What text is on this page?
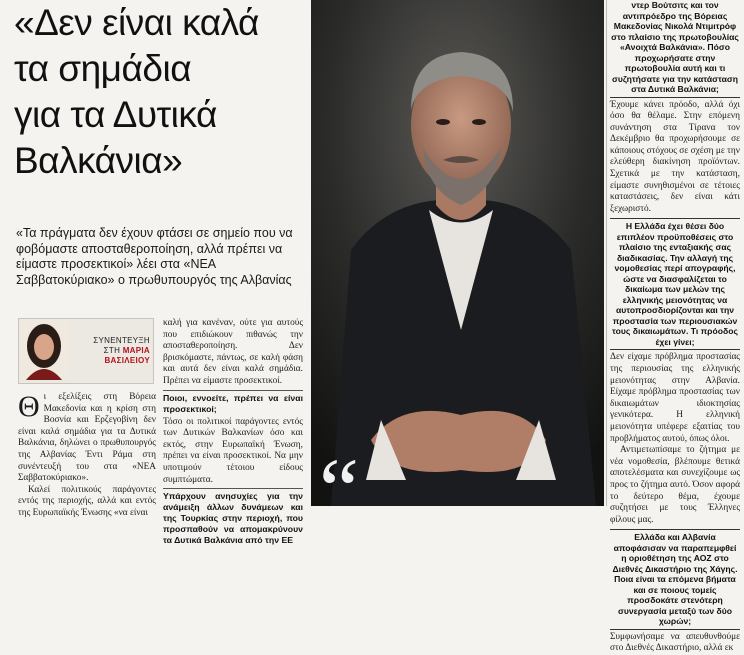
«Δεν είναι καλά
τα σημάδια
για τα Δυτικά
Βαλκάνια»
«Τα πράγματα δεν έχουν φτάσει σε σημείο που να φοβόμαστε αποσταθεροποίηση, αλλά πρέπει να είμαστε προσεκτικοί» λέει στα «ΝΕΑ Σαββατοκύριακο» ο πρωθυπουργός της Αλβανίας
ΣΥΝΕΝΤΕΥΞΗ
ΣΤΗ ΜΑΡΙΑ
ΒΑΣΙΛΕΙΟΥ

Θ ι εξελίξεις στη Βόρεια Μακεδονία και η κρίση στη Βοσνία και Ερζεγοβίνη δεν είναι καλά σημάδια για τα Δυτικά Βαλκάνια, δηλώνει ο πρωθυπουργός της Αλβανίας Έντι Ράμα στη συνέντευξή του στα «ΝΕΑ Σαββατοκύριακο».

Καλεί πολιτικούς παράγοντες εντός της περιοχής, αλλά και εντός της Ευρωπαϊκής Ένωσης «να είναι

καλή για κανέναν, ούτε για αυτούς που επιδιώκουν πιθανώς την αποσταθεροποίηση. Δεν βρισκόμαστε, πάντως, σε καλή φάση και αυτά δεν είναι καλά σημάδια. Πρέπει να είμαστε προσεκτικοί.

Ποιοι, εννοείτε, πρέπει να είναι προσεκτικοί;

Τόσο οι πολιτικοί παράγοντες εντός των Δυτικών Βαλκανίων όσο και εκτός, στην Ευρωπαϊκή Ένωση, πρέπει να είναι προσεκτικοί. Να μην υποτιμούν τέτοιου είδους συμπτώματα.

Υπάρχουν ανησυχίες για την ανάμειξη άλλων δυνάμεων και της Τουρκίας στην περιοχή, που προσπαθούν να απομακρύνουν τα Δυτικά Βαλκάνια από την ΕΕ
“
ντερ Βούτσιτς και τον αντιπρόεδρο της Βόρειας Μακεδονίας Νικολά Ντιμιτρόφ στο πλαίσιο της πρωτοβουλίας «Ανοιχτά Βαλκάνια». Πόσο προχωρήσατε στην πρωτοβουλία αυτή και τι συζητήσατε για την κατάσταση στα Δυτικά Βαλκάνια;

Έχουμε κάνει πρόοδο, αλλά όχι όσο θα θέλαμε. Στην επόμενη συνάντηση στα Τίρανα τον Δεκέμβριο θα προχωρήσουμε σε κάποιους στόχους σε σχέση με την ελεύθερη διακίνηση προϊόντων. Σχετικά με την κατάσταση, είμαστε συνηθισμένοι σε τέτοιες καταστάσεις, δεν είναι κάτι ξεχωριστό.

Η Ελλάδα έχει θέσει δύο επιπλέον προϋποθέσεις στο πλαίσιο της ενταξιακής σας διαδικασίας. Την αλλαγή της νομοθεσίας περί απογραφής, ώστε να διασφαλίζεται το δικαίωμα των μελών της ελληνικής μειονότητας να αυτοπροσδιορίζονται και την προστασία των περιουσιακών τους δικαιωμάτων. Τι πρόοδος έχει γίνει;

Δεν είχαμε πρόβλημα προστασίας της περιουσίας της ελληνικής μειονότητας στην Αλβανία. Είχαμε πρόβλημα προστασίας των δικαιωμάτων ιδιοκτησίας γενικότερα. Η ελληνική μειονότητα υπέφερε εξαιτίας του προβλήματος αυτού, όπως όλοι.

Αντιμετωπίσαμε το ζήτημα με νέα νομοθεσία, βλέπουμε θετικά αποτελέσματα και συνεχίζουμε ως προς το ζήτημα αυτό. Όσον αφορά το δεύτερο θέμα, έχουμε συζητήσει με τους Έλληνες φίλους μας.

Ελλάδα και Αλβανία αποφάσισαν να παραπεμφθεί η οριοθέτηση της ΑΟΖ στο Διεθνές Δικαστήριο της Χάγης. Ποια είναι τα επόμενα βήματα και σε ποιους τομείς προσδοκάτε στενότερη συνεργασία μεταξύ των δύο χωρών;

Συμφωνήσαμε να απευθυνθούμε στο Διεθνές Δικαστήριο, αλλά εκ
